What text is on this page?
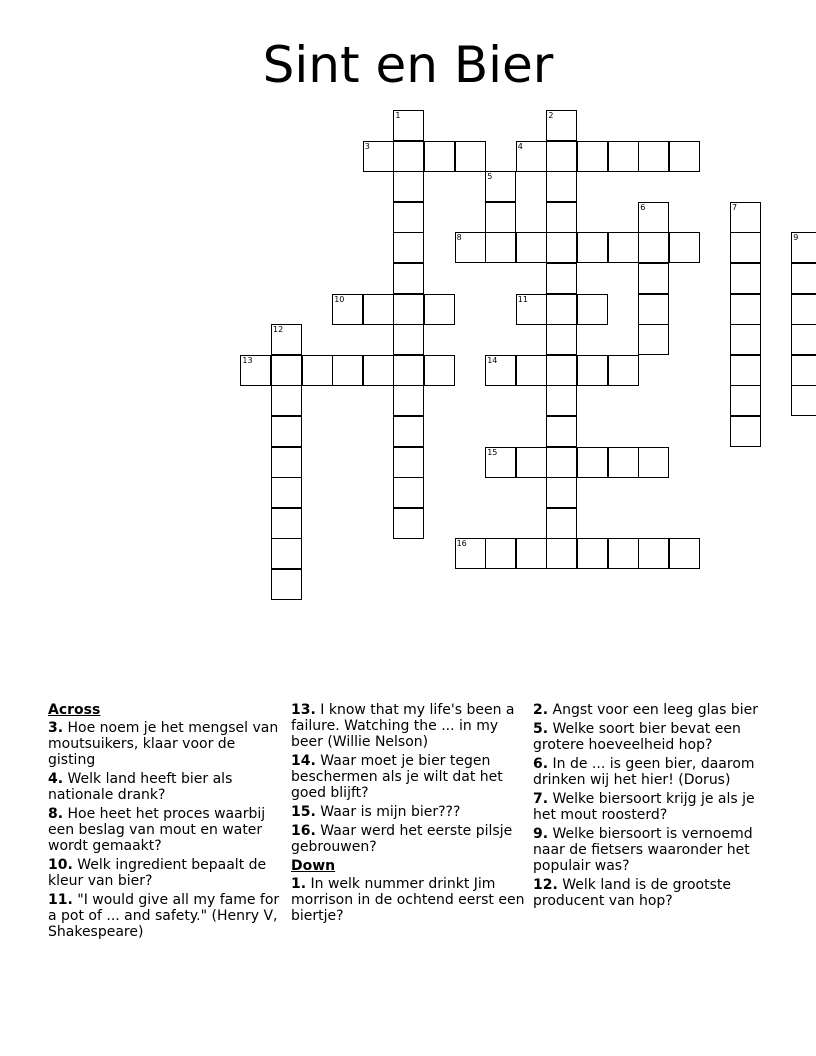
Sint en Bier
1	2
3	4
5
6	7
8	9
10	11
12
13	14
15
16
Across
3. Hoe noem je het mengsel van moutsuikers, klaar voor de gisting
4. Welk land heeft bier als nationale drank?
8. Hoe heet het proces waarbij een beslag van mout en water wordt gemaakt?
10. Welk ingredient bepaalt de kleur van bier?
11. "I would give all my fame for a pot of ... and safety." (Henry V, Shakespeare)
13. I know that my life's been a failure. Watching the ... in my beer (Willie Nelson)
14. Waar moet je bier tegen beschermen als je wilt dat het goed blijft?
15. Waar is mijn bier???
16. Waar werd het eerste pilsje gebrouwen?
Down
1. In welk nummer drinkt Jim morrison in de ochtend eerst een biertje?
2. Angst voor een leeg glas bier
5. Welke soort bier bevat een grotere hoeveelheid hop?
6. In de ... is geen bier, daarom drinken wij het hier! (Dorus)
7. Welke biersoort krijg je als je het mout roosterd?
9. Welke biersoort is vernoemd naar de fietsers waaronder het populair was?
12. Welk land is de grootste producent van hop?
